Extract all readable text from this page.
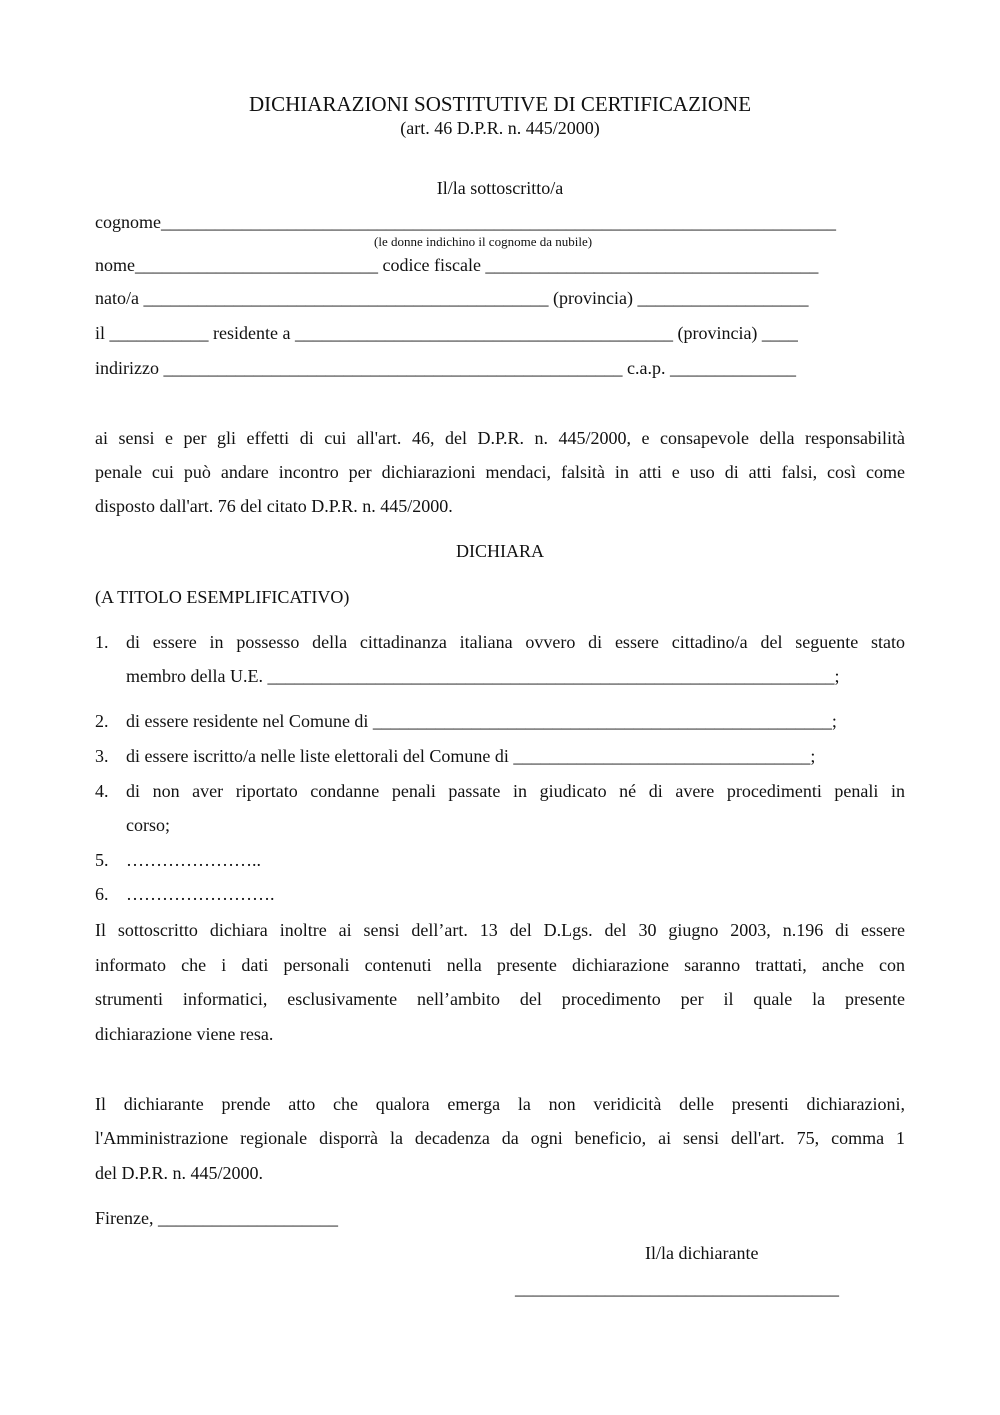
DICHIARAZIONI SOSTITUTIVE DI CERTIFICAZIONE
(art. 46 D.P.R. n. 445/2000)
Il/la sottoscritto/a
cognome___________________________________________________________________________
(le donne indichino il cognome da nubile)
nome___________________________ codice fiscale _____________________________________
nato/a _____________________________________________ (provincia) ___________________
il ___________ residente a __________________________________________ (provincia) ____
indirizzo ___________________________________________________ c.a.p. ______________
ai sensi e per gli effetti di cui all'art. 46, del D.P.R. n. 445/2000, e consapevole della responsabilità
penale cui può andare incontro per dichiarazioni mendaci, falsità in atti e uso di atti falsi, così come
disposto dall'art. 76 del citato D.P.R. n. 445/2000.
DICHIARA
(A TITOLO ESEMPLIFICATIVO)
1. di essere in possesso della cittadinanza italiana ovvero di essere cittadino/a del seguente stato
membro della U.E. _______________________________________________________________;
2. di essere residente nel Comune di ___________________________________________________;
3. di essere iscritto/a nelle liste elettorali del Comune di _________________________________;
4. di non aver riportato condanne penali passate in giudicato né di avere procedimenti penali in
corso;
5. …………………..
6. …………………….
Il sottoscritto dichiara inoltre ai sensi dell’art. 13 del D.Lgs. del 30 giugno 2003, n.196 di essere
informato che i dati personali contenuti nella presente dichiarazione saranno trattati, anche con
strumenti informatici, esclusivamente nell’ambito del procedimento per il quale la presente
dichiarazione viene resa.
Il dichiarante prende atto che qualora emerga la non veridicità delle presenti dichiarazioni,
l'Amministrazione regionale disporrà la decadenza da ogni beneficio, ai sensi dell'art. 75, comma 1
del D.P.R. n. 445/2000.
Firenze, ____________________
Il/la dichiarante
____________________________________
